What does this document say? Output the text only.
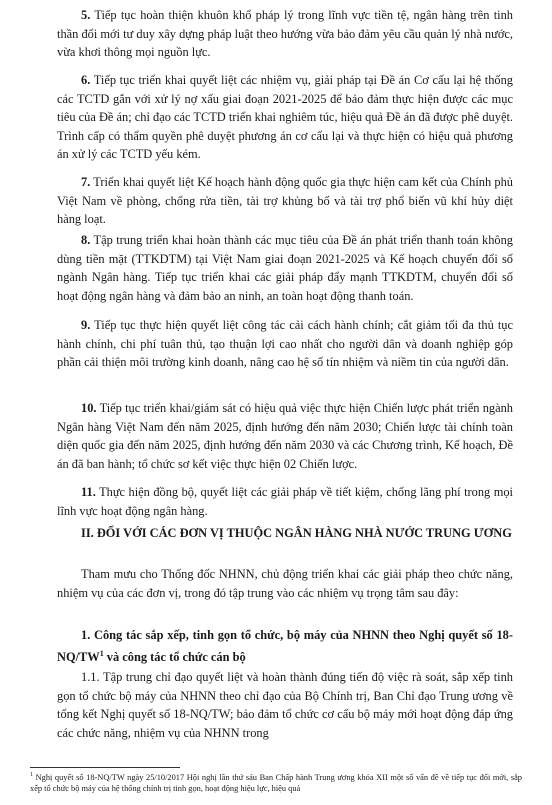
5. Tiếp tục hoàn thiện khuôn khổ pháp lý trong lĩnh vực tiền tệ, ngân hàng trên tinh thần đổi mới tư duy xây dựng pháp luật theo hướng vừa bảo đảm yêu cầu quản lý nhà nước, vừa khơi thông mọi nguồn lực.

6. Tiếp tục triển khai quyết liệt các nhiệm vụ, giải pháp tại Đề án Cơ cấu lại hệ thống các TCTD gắn với xử lý nợ xấu giai đoạn 2021-2025 để bảo đảm thực hiện được các mục tiêu của Đề án; chỉ đạo các TCTD triển khai nghiêm túc, hiệu quả Đề án đã được phê duyệt. Trình cấp có thẩm quyền phê duyệt phương án cơ cấu lại và thực hiện có hiệu quả phương án xử lý các TCTD yếu kém.

7. Triển khai quyết liệt Kế hoạch hành động quốc gia thực hiện cam kết của Chính phủ Việt Nam về phòng, chống rửa tiền, tài trợ khủng bố và tài trợ phổ biến vũ khí hủy diệt hàng loạt.

8. Tập trung triển khai hoàn thành các mục tiêu của Đề án phát triển thanh toán không dùng tiền mặt (TTKDTM) tại Việt Nam giai đoạn 2021-2025 và Kế hoạch chuyển đổi số ngành Ngân hàng. Tiếp tục triển khai các giải pháp đẩy mạnh TTKDTM, chuyển đổi số hoạt động ngân hàng và đảm bảo an ninh, an toàn hoạt động thanh toán.

9. Tiếp tục thực hiện quyết liệt công tác cải cách hành chính; cắt giảm tối đa thủ tục hành chính, chi phí tuân thủ, tạo thuận lợi cao nhất cho người dân và doanh nghiệp góp phần cải thiện môi trường kinh doanh, nâng cao hệ số tín nhiệm và niềm tin của người dân.

10. Tiếp tục triển khai/giám sát có hiệu quả việc thực hiện Chiến lược phát triển ngành Ngân hàng Việt Nam đến năm 2025, định hướng đến năm 2030; Chiến lược tài chính toàn diện quốc gia đến năm 2025, định hướng đến năm 2030 và các Chương trình, Kế hoạch, Đề án đã ban hành; tổ chức sơ kết việc thực hiện 02 Chiến lược.

11. Thực hiện đồng bộ, quyết liệt các giải pháp về tiết kiệm, chống lãng phí trong mọi lĩnh vực hoạt động ngân hàng.

II. ĐỐI VỚI CÁC ĐƠN VỊ THUỘC NGÂN HÀNG NHÀ NƯỚC TRUNG ƯƠNG

Tham mưu cho Thống đốc NHNN, chủ động triển khai các giải pháp theo chức năng, nhiệm vụ của các đơn vị, trong đó tập trung vào các nhiệm vụ trọng tâm sau đây:

1. Công tác sắp xếp, tinh gọn tổ chức, bộ máy của NHNN theo Nghị quyết số $18-NQ/TW^1$ và công tác tổ chức cán bộ

1.1. Tập trung chỉ đạo quyết liệt và hoàn thành đúng tiến độ việc rà soát, sắp xếp tinh gọn tổ chức bộ máy của NHNN theo chỉ đạo của Bộ Chính trị, Ban Chỉ đạo Trung ương về tổng kết Nghị quyết số 18-NQ/TW; bảo đảm tổ chức cơ cấu bộ máy mới hoạt động đáp ứng các chức năng, nhiệm vụ của NHNN trong

$^1$ Nghị quyết số 18-NQ/TW ngày 25/10/2017 Hội nghị lần thứ sáu Ban Chấp hành Trung ương khóa XII một số vấn đề về tiếp tục đổi mới, sắp xếp tổ chức bộ máy của hệ thống chính trị tinh gọn, hoạt động hiệu lực, hiệu quả
